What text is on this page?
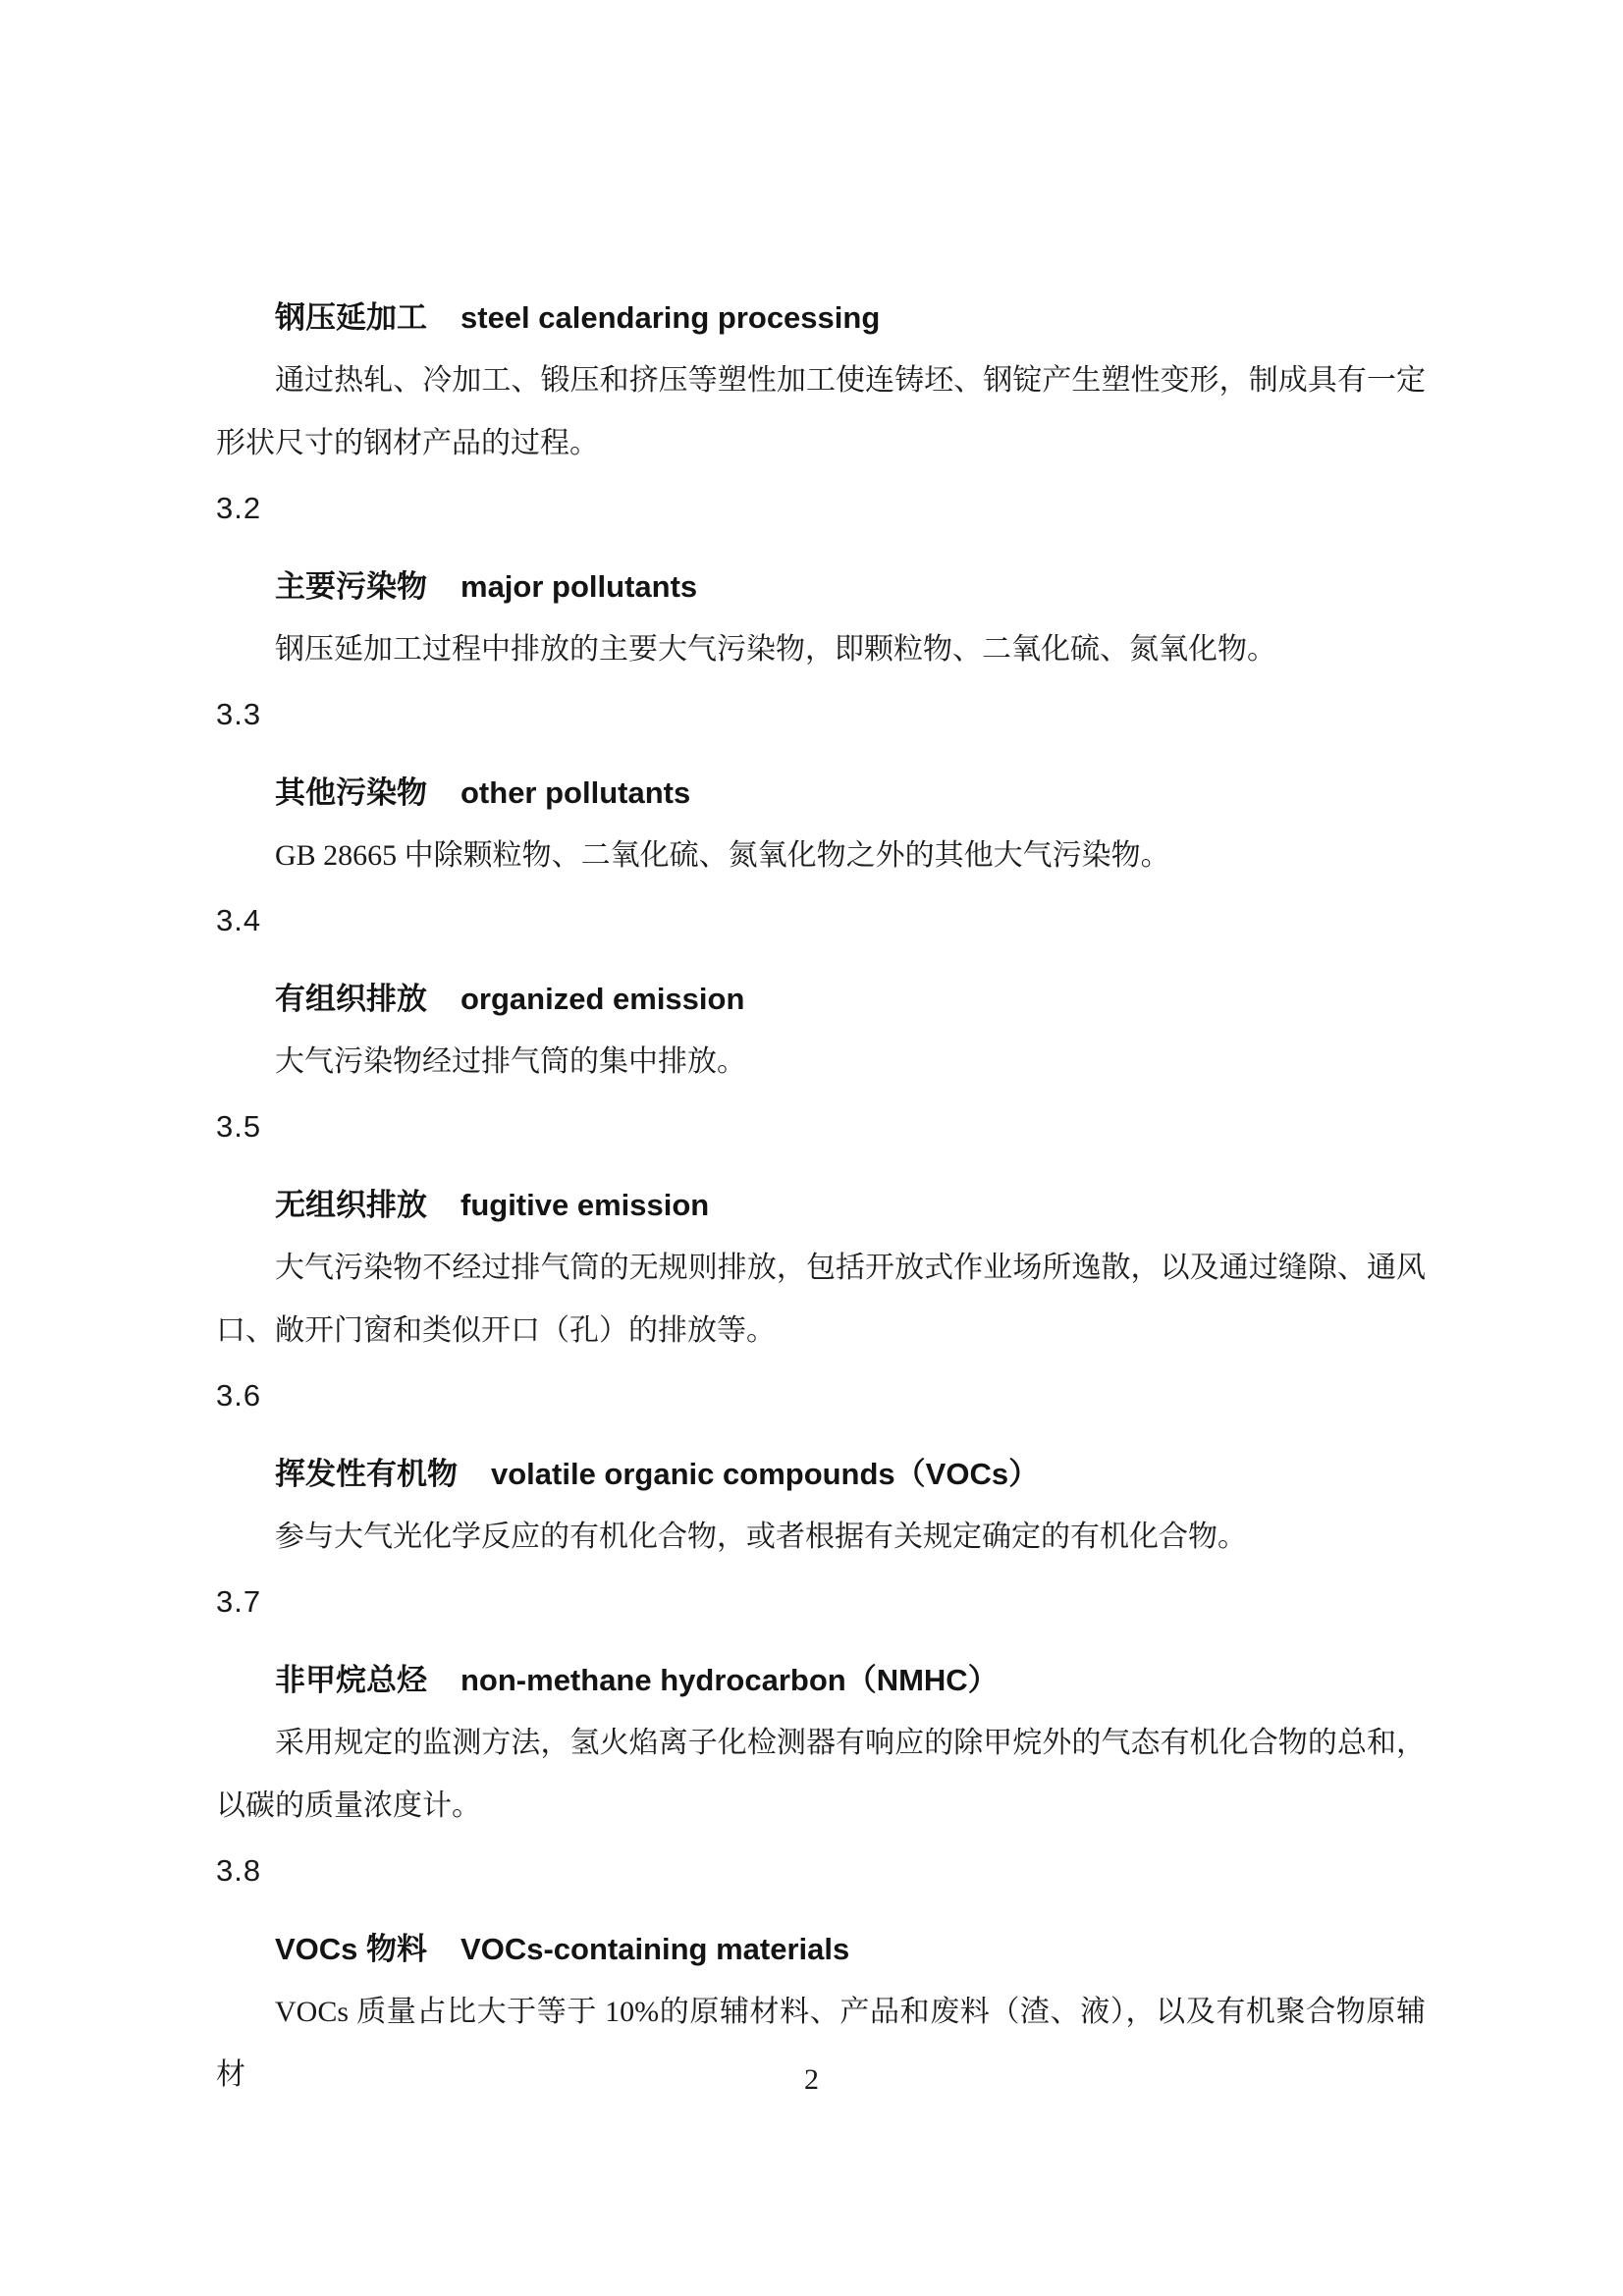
钢压延加工 steel calendaring processing

通过热轧、冷加工、锻压和挤压等塑性加工使连铸坯、钢锭产生塑性变形，制成具有一定形状尺寸的钢材产品的过程。

3.2

主要污染物 major pollutants

钢压延加工过程中排放的主要大气污染物，即颗粒物、二氧化硫、氮氧化物。

3.3

其他污染物 other pollutants

GB 28665 中除颗粒物、二氧化硫、氮氧化物之外的其他大气污染物。

3.4

有组织排放 organized emission

大气污染物经过排气筒的集中排放。

3.5

无组织排放 fugitive emission

大气污染物不经过排气筒的无规则排放，包括开放式作业场所逸散，以及通过缝隙、通风口、敞开门窗和类似开口（孔）的排放等。

3.6

挥发性有机物 volatile organic compounds（VOCs）

参与大气光化学反应的有机化合物，或者根据有关规定确定的有机化合物。

3.7

非甲烷总烃 non-methane hydrocarbon（NMHC）

采用规定的监测方法，氢火焰离子化检测器有响应的除甲烷外的气态有机化合物的总和，以碳的质量浓度计。

3.8

VOCs 物料 VOCs-containing materials

VOCs 质量占比大于等于 10%的原辅材料、产品和废料（渣、液），以及有机聚合物原辅材	2
